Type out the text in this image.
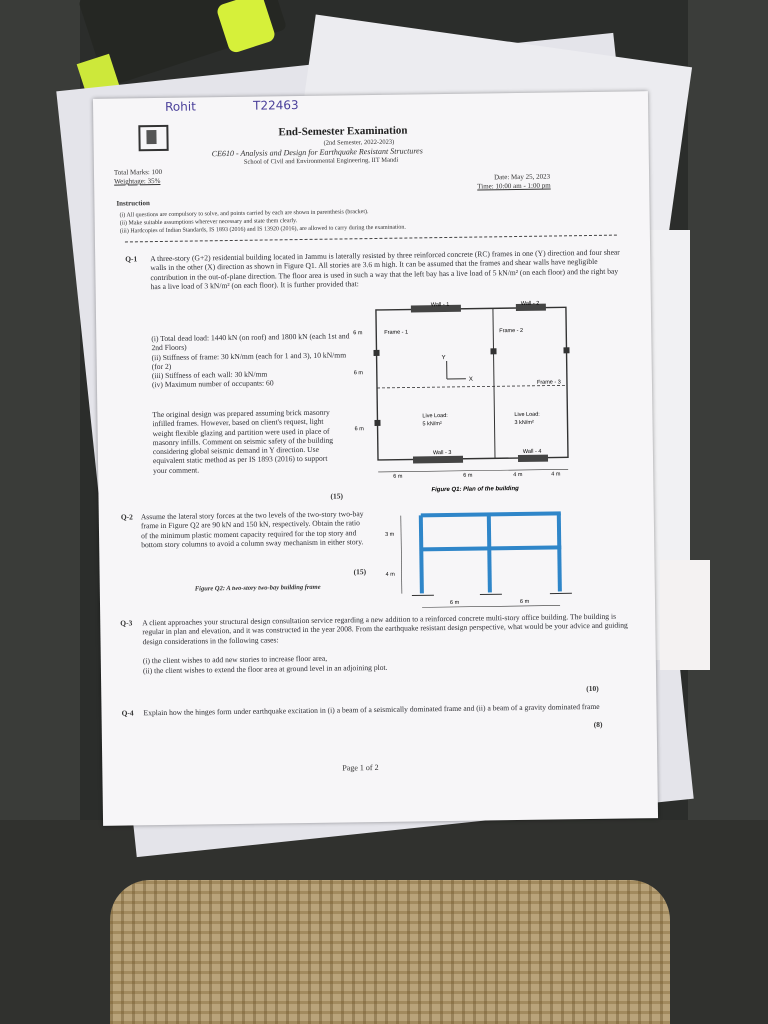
Rohit	T22463
End-Semester Examination
(2nd Semester, 2022-2023)
CE610 - Analysis and Design for Earthquake Resistant Structures
School of Civil and Environmental Engineering, IIT Mandi
Total Marks: 100
Weightage: 35%	Date: May 25, 2023
Time: 10:00 am - 1:00 pm
Instruction
(i) All questions are compulsory to solve, and points carried by each are shown in parenthesis (bracket).
(ii) Make suitable assumptions wherever necessary and state them clearly.
(iii) Hardcopies of Indian Standards, IS 1893 (2016) and IS 13920 (2016), are allowed to carry during the examination.
Q-1 A three-story (G+2) residential building located in Jammu is laterally resisted by three reinforced concrete (RC) frames in one (Y) direction and four shear walls in the other (X) direction as shown in Figure Q1. All stories are 3.6 m high. It can be assumed that the frames and shear walls have negligible contribution in the out-of-plane direction. The floor area is used in such a way that the left bay has a live load of 5 kN/m² (on each floor) and the right bay has a live load of 3 kN/m² (on each floor). It is further provided that:

(i) Total dead load: 1440 kN (on roof) and 1800 kN (each 1st and 2nd Floors)

(ii) Stiffness of frame: 30 kN/mm (each for 1 and 3), 10 kN/mm (for 2)

(iii) Stiffness of each wall: 30 kN/mm

(iv) Maximum number of occupants: 60

The original design was prepared assuming brick masonry infilled frames. However, based on client's request, light weight flexible glazing and partition were used in place of masonry infills. Comment on seismic safety of the building considering global seismic demand in Y direction. Use equivalent static method as per IS 1893 (2016) to support your comment.
(15)
Y
X
Wall - 1	Wall - 2
Wall - 3	Wall - 4
Frame - 1	Frame - 2
Frame - 3
Live Load:
5 kN/m²
Live Load:
3 kN/m²
6 m
6 m
6 m
6 m	6 m	4 m	4 m
Figure Q1: Plan of the building
Q-2 Assume the lateral story forces at the two levels of the two-story two-bay frame in Figure Q2 are 90 kN and 150 kN, respectively. Obtain the ratio of the minimum plastic moment capacity required for the top story and bottom story columns to avoid a column sway mechanism in either story.
(15)
Figure Q2: A two-story two-bay building frame
3 m
4 m
6 m	6 m
Q-3 A client approaches your structural design consultation service regarding a new addition to a reinforced concrete multi-story office building. The building is regular in plan and elevation, and it was constructed in the year 2008. From the earthquake resistant design perspective, what would be your advice and guiding design considerations in the following cases:
(i) the client wishes to add new stories to increase floor area,
(ii) the client wishes to extend the floor area at ground level in an adjoining plot.
(10)
Q-4 Explain how the hinges form under earthquake excitation in (i) a beam of a seismically dominated frame and (ii) a beam of a gravity dominated frame
(8)
Page 1 of 2
